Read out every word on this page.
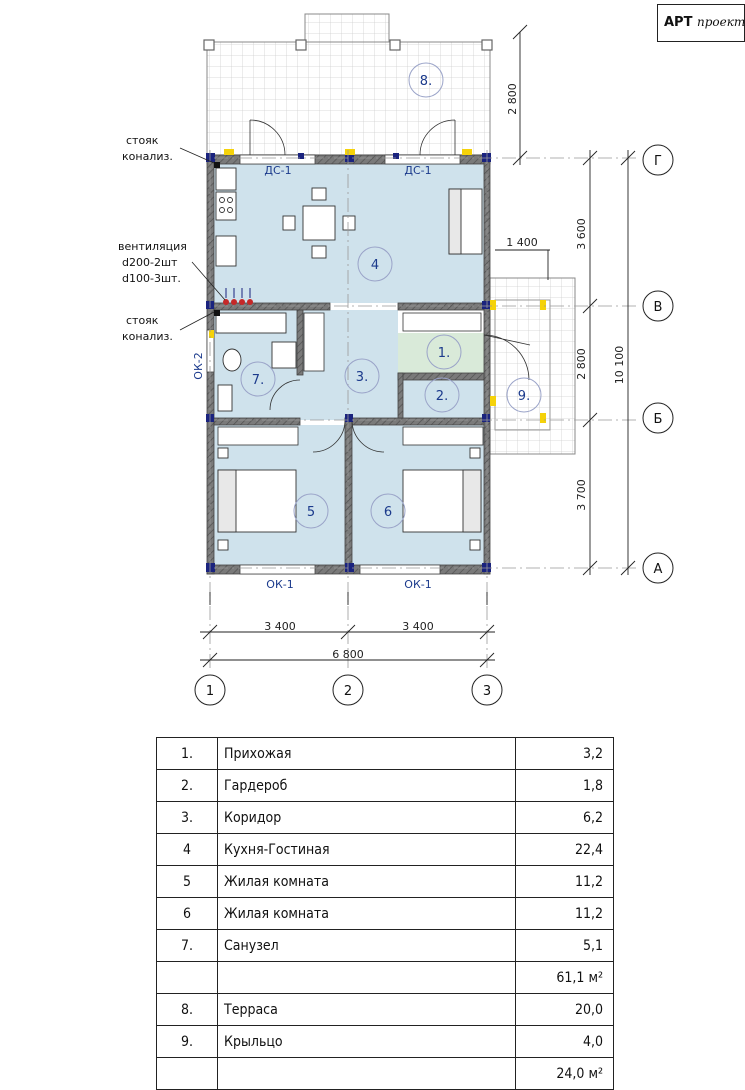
АРТ проект
Г
В
Б
А
1	2	3
1.
2.
3.
4
5	6
7.
8.
9.
ДС-1	ДС-1
ОК-1	ОК-1
ОК-2
стояк
конализ.
вентиляция
d200-2шт
d100-3шт.
стояк
конализ.
2 800
3 600
2 800
3 700
10 100
1 400
3 400	3 400
6 800
1.	Прихожая	3,2
2.	Гардероб	1,8
3.	Коридор	6,2
4	Кухня-Гостиная	22,4
5	Жилая комната	11,2
6	Жилая комната	11,2
7.	Санузел	5,1
		61,1 м²
8.	Терраса	20,0
9.	Крыльцо	4,0
		24,0 м²
